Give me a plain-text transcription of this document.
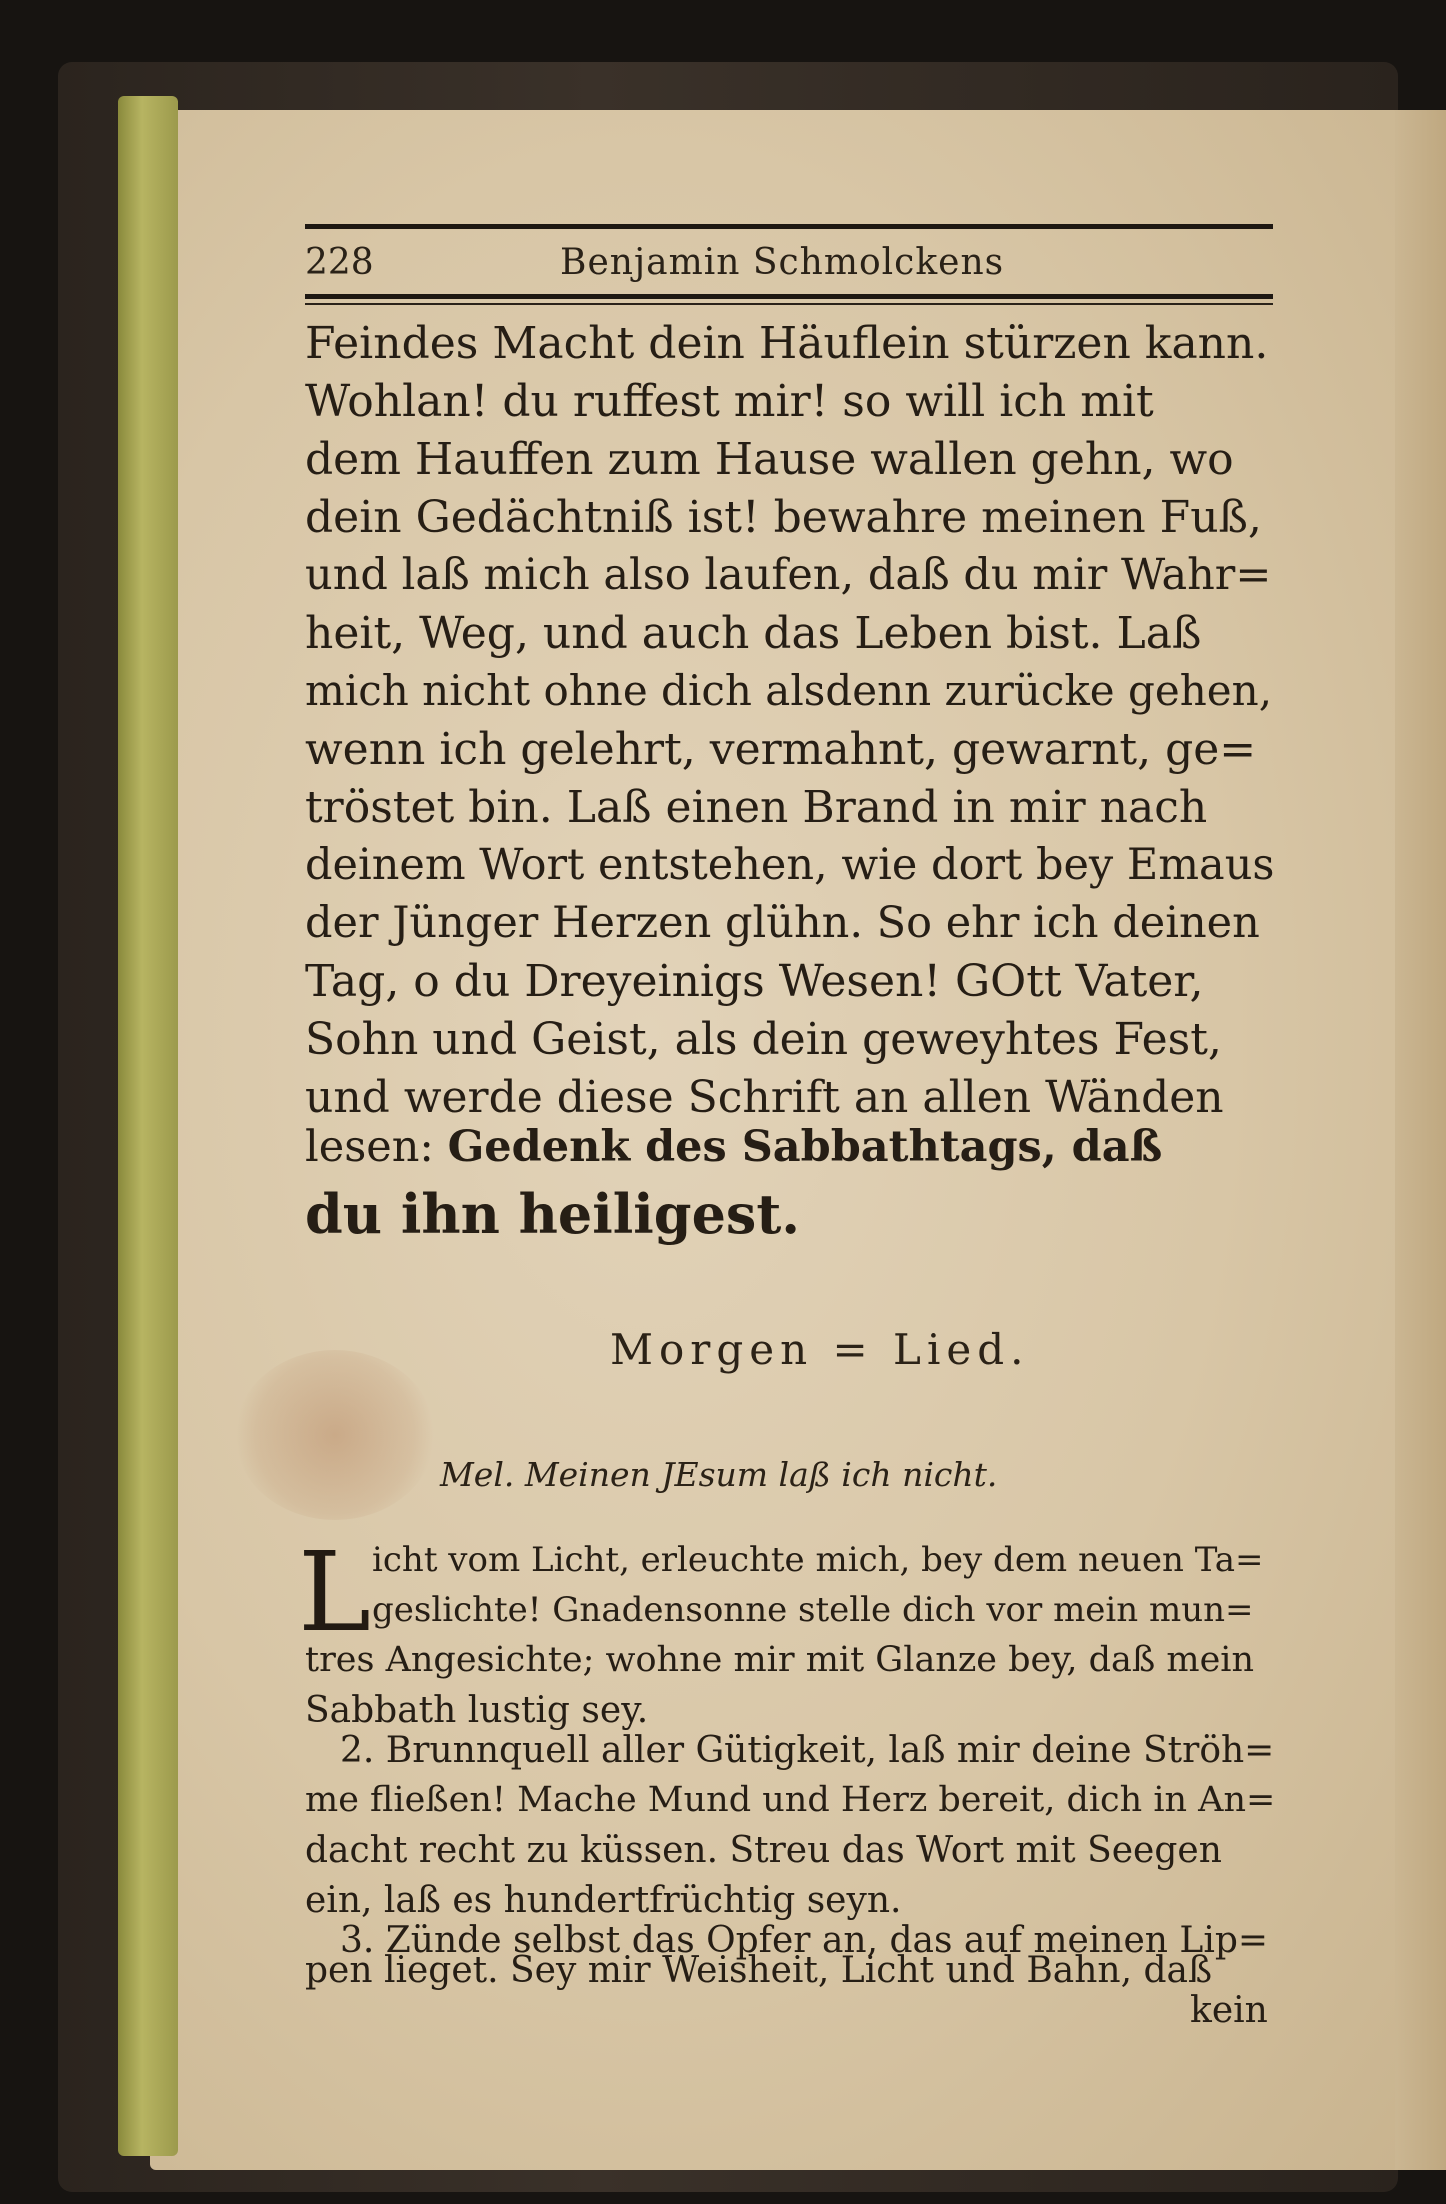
228	Benjamin Schmolckens
Feindes Macht dein Häuflein stürzen kann.
Wohlan! du ruffest mir! so will ich mit
dem Hauffen zum Hause wallen gehn, wo
dein Gedächtniß ist! bewahre meinen Fuß,
und laß mich also laufen, daß du mir Wahr=
heit, Weg, und auch das Leben bist. Laß
mich nicht ohne dich alsdenn zurücke gehen,
wenn ich gelehrt, vermahnt, gewarnt, ge=
tröstet bin. Laß einen Brand in mir nach
deinem Wort entstehen, wie dort bey Emaus
der Jünger Herzen glühn. So ehr ich deinen
Tag, o du Dreyeinigs Wesen! GOtt Vater,
Sohn und Geist, als dein geweyhtes Fest,
und werde diese Schrift an allen Wänden
lesen: Gedenk des Sabbathtags, daß
du ihn heiligest.
Morgen = Lied.
Mel. Meinen JEsum laß ich nicht.
L icht vom Licht, erleuchte mich, bey dem neuen Ta=
geslichte! Gnadensonne stelle dich vor mein mun=
tres Angesichte; wohne mir mit Glanze bey, daß mein
Sabbath lustig sey.
2. Brunnquell aller Gütigkeit, laß mir deine Ströh=
me fließen! Mache Mund und Herz bereit, dich in An=
dacht recht zu küssen. Streu das Wort mit Seegen
ein, laß es hundertfrüchtig seyn.
3. Zünde selbst das Opfer an, das auf meinen Lip=
pen lieget. Sey mir Weisheit, Licht und Bahn, daß
kein
